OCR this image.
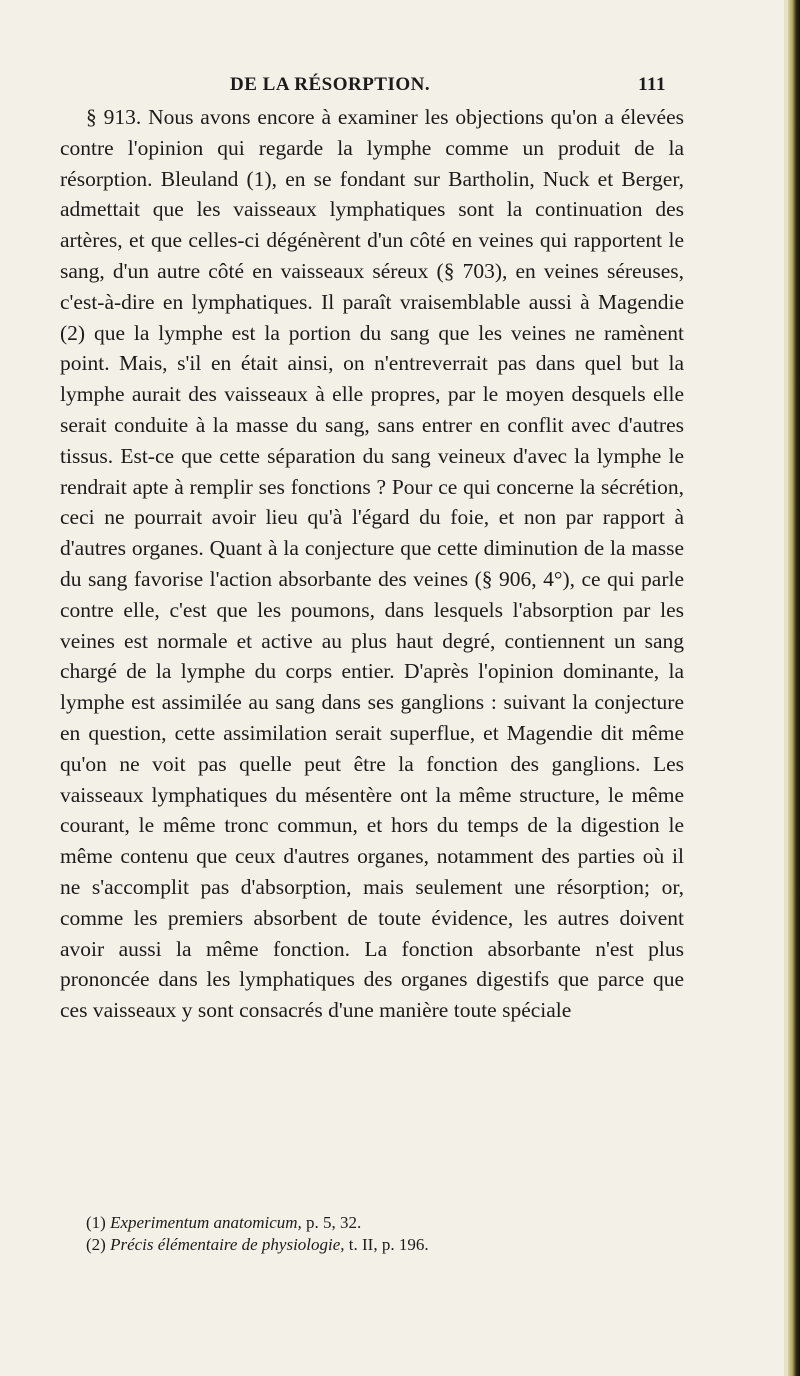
DE LA RÉSORPTION.	111

§ 913. Nous avons encore à examiner les objections qu'on a élevées contre l'opinion qui regarde la lymphe comme un produit de la résorption. Bleuland (1), en se fondant sur Bartholin, Nuck et Berger, admettait que les vaisseaux lymphatiques sont la continuation des artères, et que celles-ci dégénèrent d'un côté en veines qui rapportent le sang, d'un autre côté en vaisseaux séreux (§ 703), en veines séreuses, c'est-à-dire en lymphatiques. Il paraît vraisemblable aussi à Magendie (2) que la lymphe est la portion du sang que les veines ne ramènent point. Mais, s'il en était ainsi, on n'entreverrait pas dans quel but la lymphe aurait des vaisseaux à elle propres, par le moyen desquels elle serait conduite à la masse du sang, sans entrer en conflit avec d'autres tissus. Est-ce que cette séparation du sang veineux d'avec la lymphe le rendrait apte à remplir ses fonctions ? Pour ce qui concerne la sécrétion, ceci ne pourrait avoir lieu qu'à l'égard du foie, et non par rapport à d'autres organes. Quant à la conjecture que cette diminution de la masse du sang favorise l'action absorbante des veines (§ 906, 4°), ce qui parle contre elle, c'est que les poumons, dans lesquels l'absorption par les veines est normale et active au plus haut degré, contiennent un sang chargé de la lymphe du corps entier. D'après l'opinion dominante, la lymphe est assimilée au sang dans ses ganglions : suivant la conjecture en question, cette assimilation serait superflue, et Magendie dit même qu'on ne voit pas quelle peut être la fonction des ganglions. Les vaisseaux lymphatiques du mésentère ont la même structure, le même courant, le même tronc commun, et hors du temps de la digestion le même contenu que ceux d'autres organes, notamment des parties où il ne s'accomplit pas d'absorption, mais seulement une résorption; or, comme les premiers absorbent de toute évidence, les autres doivent avoir aussi la même fonction. La fonction absorbante n'est plus prononcée dans les lymphatiques des organes digestifs que parce que ces vaisseaux y sont consacrés d'une manière toute spéciale

(1) Experimentum anatomicum, p. 5, 32.
(2) Précis élémentaire de physiologie, t. II, p. 196.
